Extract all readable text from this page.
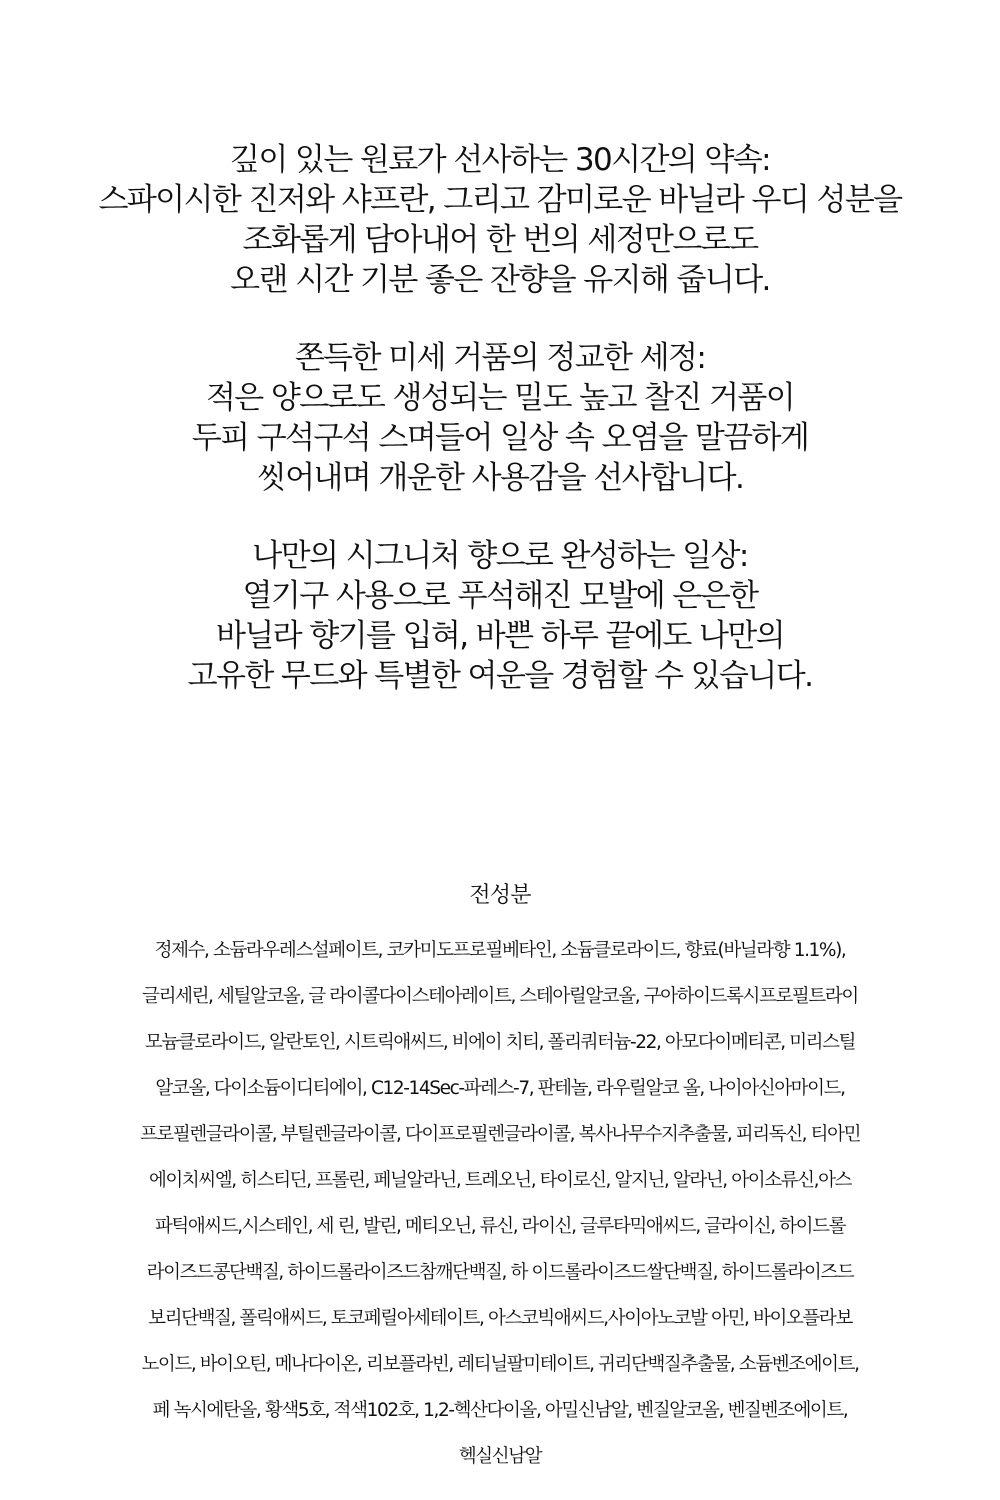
깊이 있는 원료가 선사하는 30시간의 약속:
스파이시한 진저와 샤프란, 그리고 감미로운 바닐라 우디 성분을
조화롭게 담아내어 한 번의 세정만으로도
오랜 시간 기분 좋은 잔향을 유지해 줍니다.
쫀득한 미세 거품의 정교한 세정:
적은 양으로도 생성되는 밀도 높고 찰진 거품이
두피 구석구석 스며들어 일상 속 오염을 말끔하게
씻어내며 개운한 사용감을 선사합니다.
나만의 시그니처 향으로 완성하는 일상:
열기구 사용으로 푸석해진 모발에 은은한
바닐라 향기를 입혀, 바쁜 하루 끝에도 나만의
고유한 무드와 특별한 여운을 경험할 수 있습니다.
전성분
정제수, 소듐라우레스설페이트, 코카미도프로필베타인, 소듐클로라이드, 향료(바닐라향 1.1%),
글리세린, 세틸알코올, 글 라이콜다이스테아레이트, 스테아릴알코올, 구아하이드록시프로필트라이
모늄클로라이드, 알란토인, 시트릭애씨드, 비에이 치티, 폴리쿼터늄-22, 아모다이메티콘, 미리스틸
알코올, 다이소듐이디티에이, C12-14Sec-파레스-7, 판테놀, 라우릴알코 올, 나이아신아마이드,
프로필렌글라이콜, 부틸렌글라이콜, 다이프로필렌글라이콜, 복사나무수지추출물, 피리독신, 티아민
에이치씨엘, 히스티딘, 프롤린, 페닐알라닌, 트레오닌, 타이로신, 알지닌, 알라닌, 아이소류신,아스
파틱애씨드,시스테인, 세 린, 발린, 메티오닌, 류신, 라이신, 글루타믹애씨드, 글라이신, 하이드롤
라이즈드콩단백질, 하이드롤라이즈드참깨단백질, 하 이드롤라이즈드쌀단백질, 하이드롤라이즈드
보리단백질, 폴릭애씨드, 토코페릴아세테이트, 아스코빅애씨드,사이아노코발 아민, 바이오플라보
노이드, 바이오틴, 메나다이온, 리보플라빈, 레티닐팔미테이트, 귀리단백질추출물, 소듐벤조에이트,
페 녹시에탄올, 황색5호, 적색102호, 1,2-헥산다이올, 아밀신남알, 벤질알코올, 벤질벤조에이트,
헥실신남알
